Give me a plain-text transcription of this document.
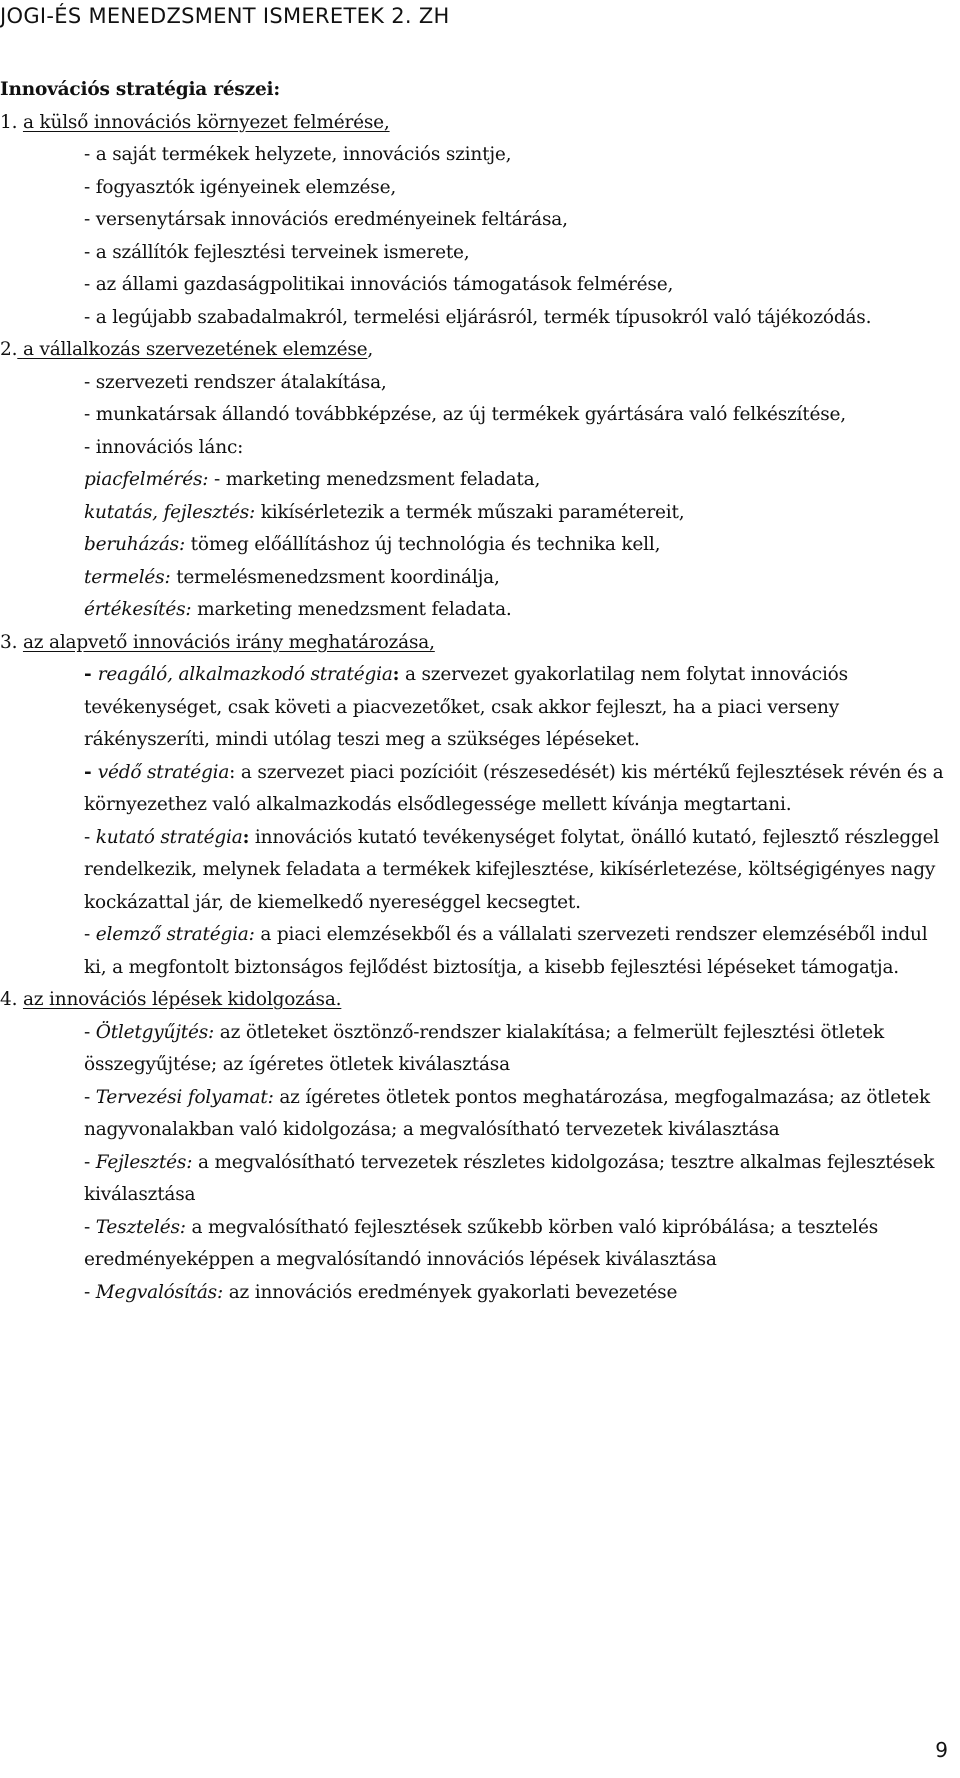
JOGI-ÉS MENEDZSMENT ISMERETEK 2. ZH
Innovációs stratégia részei:
1. a külső innovációs környezet felmérése,
- a saját termékek helyzete, innovációs szintje,
- fogyasztók igényeinek elemzése,
- versenytársak innovációs eredményeinek feltárása,
- a szállítók fejlesztési terveinek ismerete,
- az állami gazdaságpolitikai innovációs támogatások felmérése,
- a legújabb szabadalmakról, termelési eljárásról, termék típusokról való tájékozódás.
2. a vállalkozás szervezetének elemzése,
- szervezeti rendszer átalakítása,
- munkatársak állandó továbbképzése, az új termékek gyártására való felkészítése,
- innovációs lánc:
piacfelmérés: - marketing menedzsment feladata,
kutatás, fejlesztés: kikísérletezik a termék műszaki paramétereit,
beruházás: tömeg előállításhoz új technológia és technika kell,
termelés: termelésmenedzsment koordinálja,
értékesítés: marketing menedzsment feladata.
3. az alapvető innovációs irány meghatározása,
- reagáló, alkalmazkodó stratégia: a szervezet gyakorlatilag nem folytat innovációs tevékenységet, csak követi a piacvezetőket, csak akkor fejleszt, ha a piaci verseny rákényszeríti, mindi utólag teszi meg a szükséges lépéseket.
- védő stratégia: a szervezet piaci pozícióit (részesedését) kis mértékű fejlesztések révén és a környezethez való alkalmazkodás elsődlegessége mellett kívánja megtartani.
- kutató stratégia: innovációs kutató tevékenységet folytat, önálló kutató, fejlesztő részleggel rendelkezik, melynek feladata a termékek kifejlesztése, kikísérletezése, költségigényes nagy kockázattal jár, de kiemelkedő nyereséggel kecsegtet.
- elemző stratégia: a piaci elemzésekből és a vállalati szervezeti rendszer elemzéséből indul ki, a megfontolt biztonságos fejlődést biztosítja, a kisebb fejlesztési lépéseket támogatja.
4. az innovációs lépések kidolgozása.
- Ötletgyűjtés: az ötleteket ösztönző-rendszer kialakítása; a felmerült fejlesztési ötletek összegyűjtése; az ígéretes ötletek kiválasztása
- Tervezési folyamat: az ígéretes ötletek pontos meghatározása, megfogalmazása; az ötletek nagyvonalakban való kidolgozása; a megvalósítható tervezetek kiválasztása
- Fejlesztés: a megvalósítható tervezetek részletes kidolgozása; tesztre alkalmas fejlesztések kiválasztása
- Tesztelés: a megvalósítható fejlesztések szűkebb körben való kipróbálása; a tesztelés eredményeképpen a megvalósítandó innovációs lépések kiválasztása
- Megvalósítás: az innovációs eredmények gyakorlati bevezetése
9
